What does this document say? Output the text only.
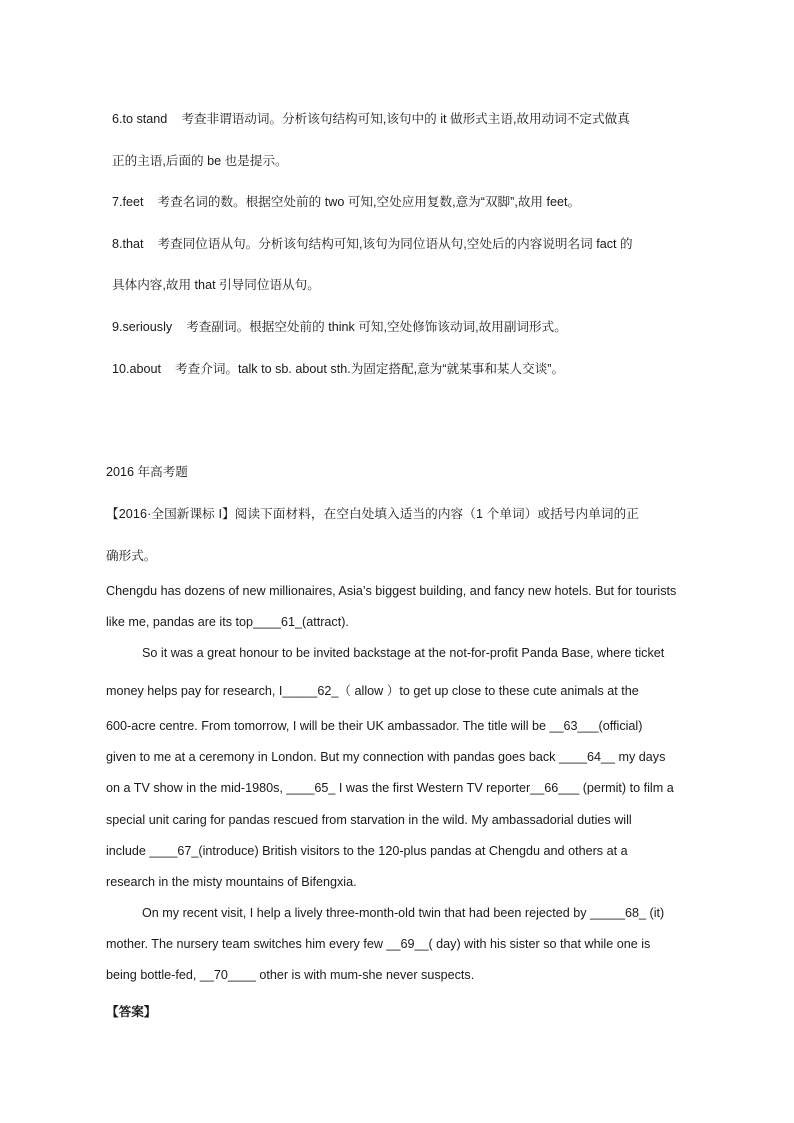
6.to stand 考查非谓语动词。分析该句结构可知,该句中的 it 做形式主语,故用动词不定式做真
正的主语,后面的 be 也是提示。
7.feet 考查名词的数。根据空处前的 two 可知,空处应用复数,意为“双脚”,故用 feet。
8.that 考查同位语从句。分析该句结构可知,该句为同位语从句,空处后的内容说明名词 fact 的
具体内容,故用 that 引导同位语从句。
9.seriously 考查副词。根据空处前的 think 可知,空处修饰该动词,故用副词形式。
10.about 考查介词。talk to sb. about sth.为固定搭配,意为“就某事和某人交谈”。
2016 年高考题
【2016·全国新课标 I】阅读下面材料，在空白处填入适当的内容（1 个单词）或括号内单词的正
确形式。
Chengdu has dozens of new millionaires, Asia’s biggest building, and fancy new hotels. But for tourists
like me, pandas are its top____61_(attract).
So it was a great honour to be invited backstage at the not-for-profit Panda Base, where ticket
money helps pay for research, I_____62_（ allow ）to get up close to these cute animals at the
600-acre centre. From tomorrow, I will be their UK ambassador. The title will be __63___(official)
given to me at a ceremony in London. But my connection with pandas goes back ____64__ my days
on a TV show in the mid-1980s, ____65_ I was the first Western TV reporter__66___ (permit) to film a
special unit caring for pandas rescued from starvation in the wild. My ambassadorial duties will
include ____67_(introduce) British visitors to the 120-plus pandas at Chengdu and others at a
research in the misty mountains of Bifengxia.
On my recent visit, I help a lively three-month-old twin that had been rejected by _____68_ (it)
mother. The nursery team switches him every few __69__( day) with his sister so that while one is
being bottle-fed, __70____ other is with mum-she never suspects.
【答案】
